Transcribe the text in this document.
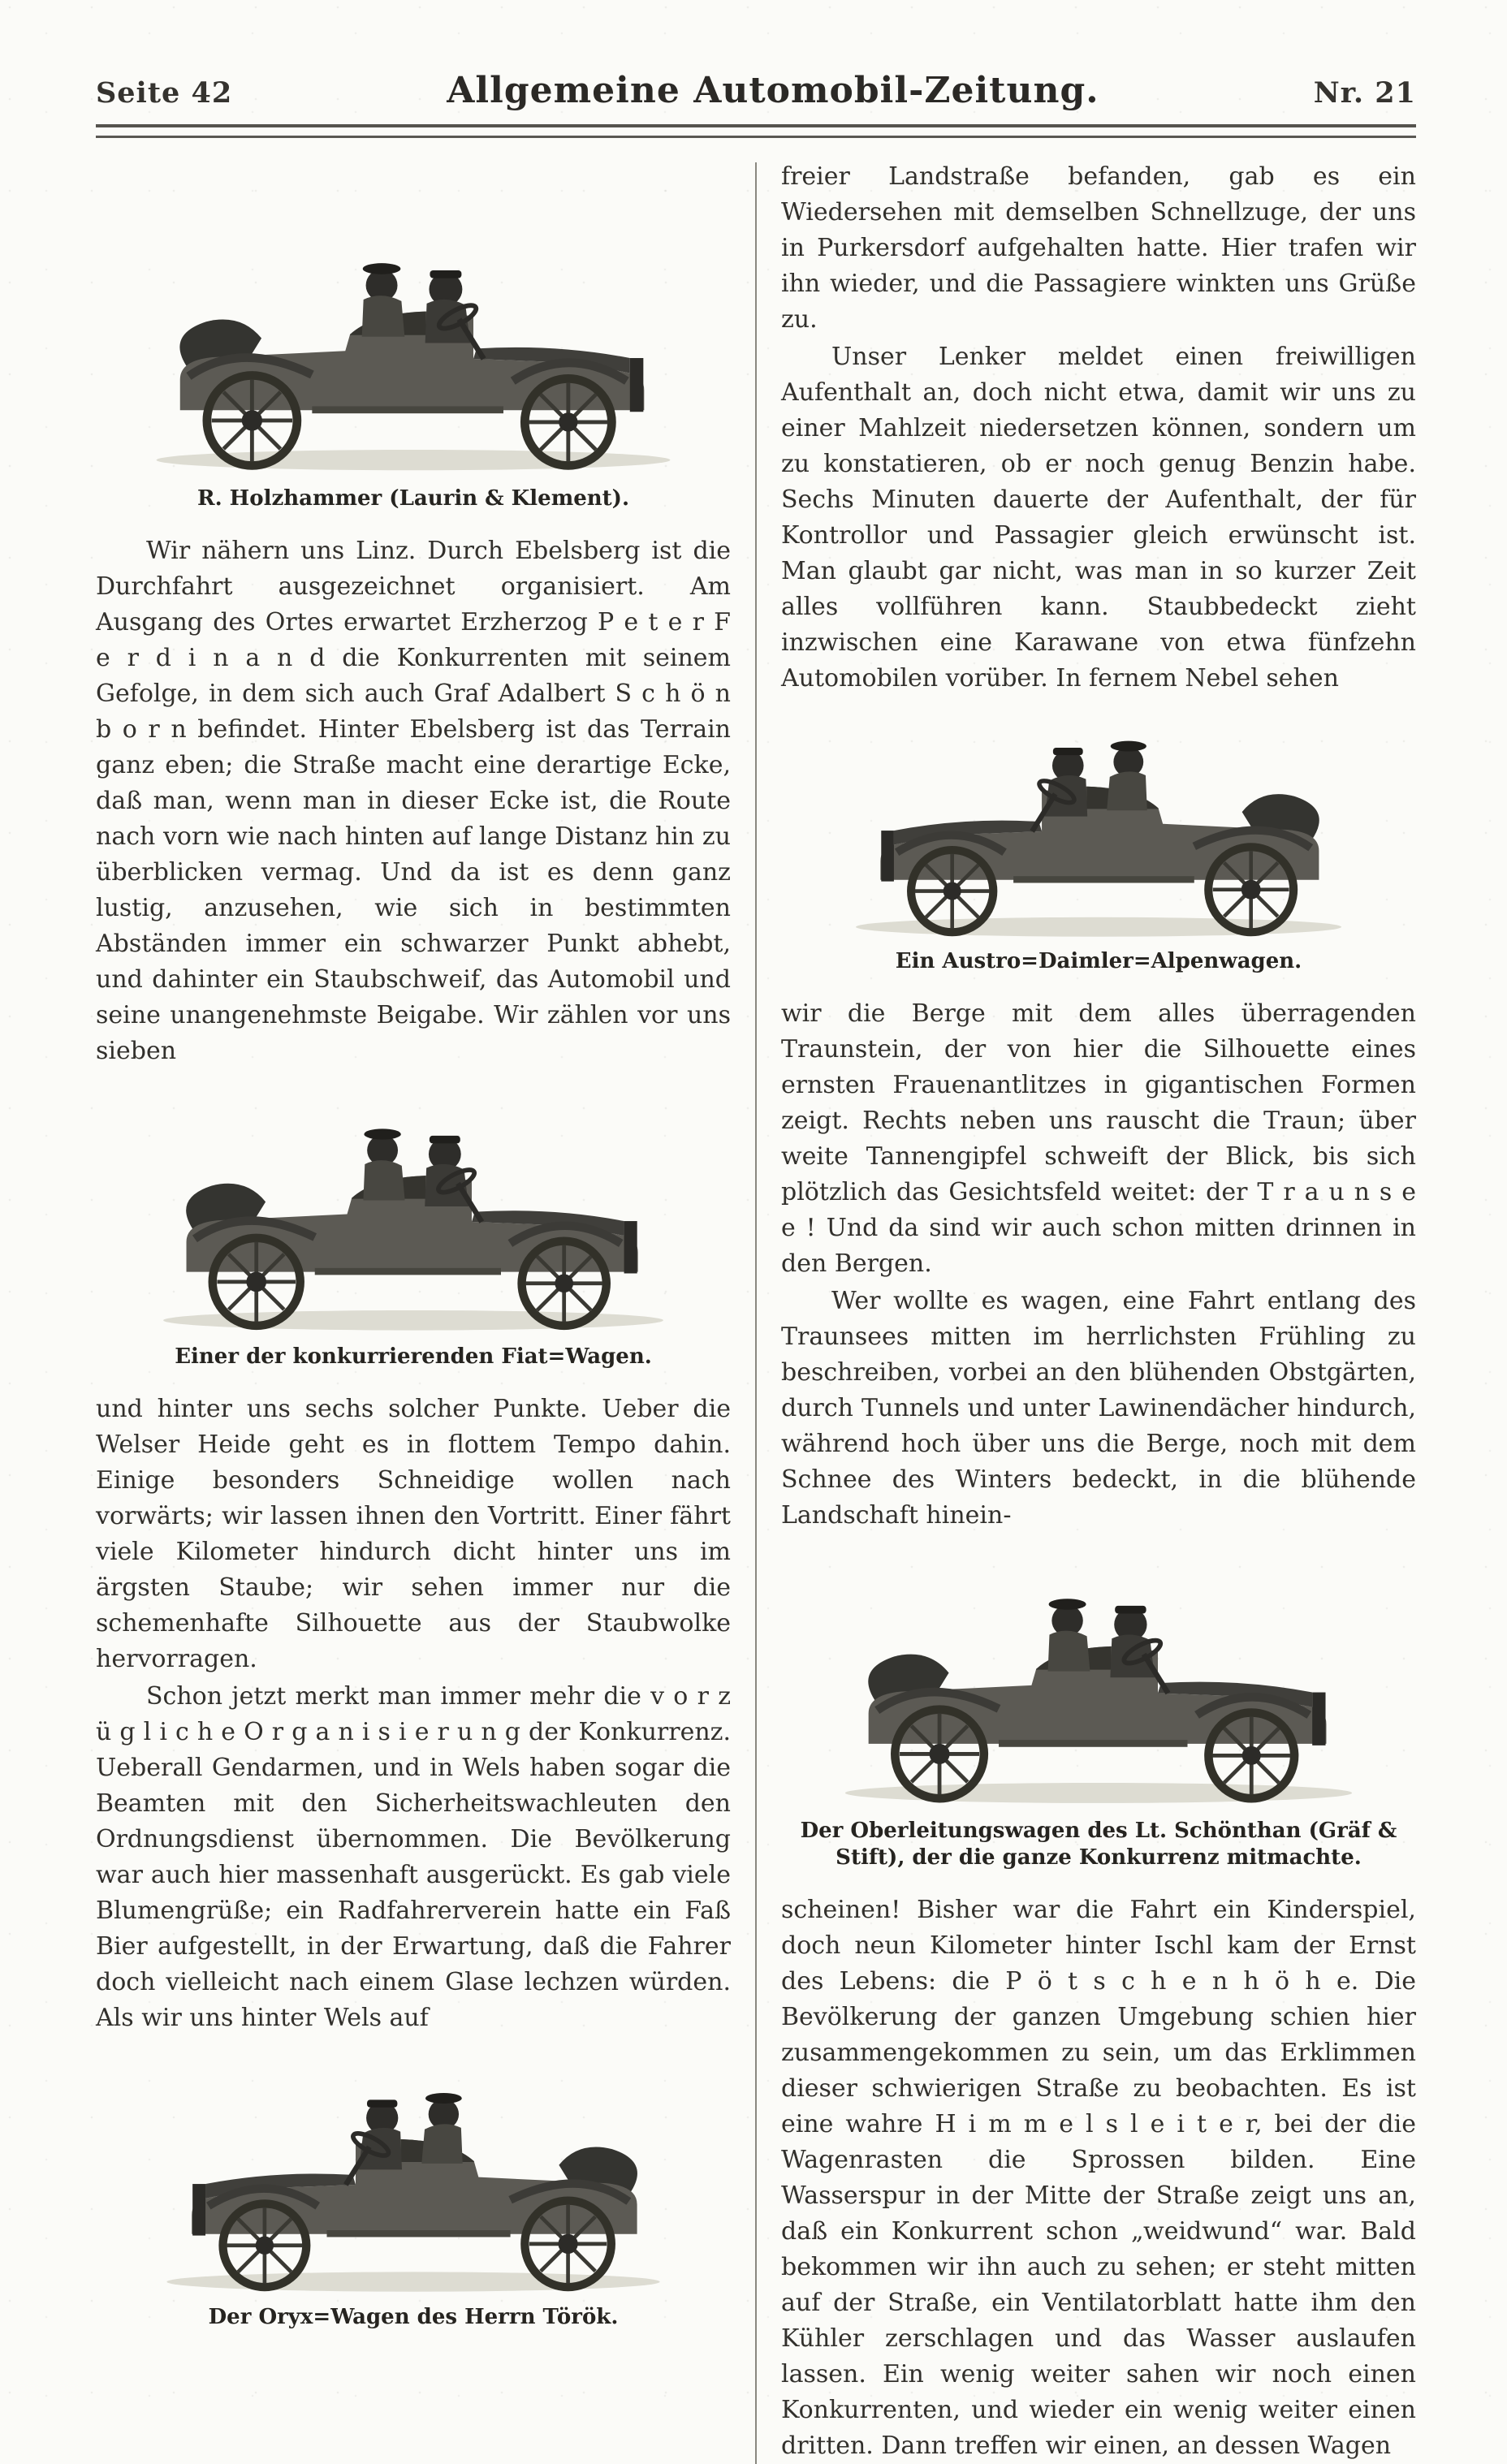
Seite 42	Allgemeine Automobil-Zeitung.	Nr. 21
R. Holzhammer (Laurin & Klement).

Wir nähern uns Linz. Durch Ebelsberg ist die Durchfahrt ausgezeichnet organisiert. Am Ausgang des Ortes erwartet Erzherzog P e t e r F e r d i n a n d die Konkurrenten mit seinem Gefolge, in dem sich auch Graf Adalbert S c h ö n b o r n befindet. Hinter Ebelsberg ist das Terrain ganz eben; die Straße macht eine derartige Ecke, daß man, wenn man in dieser Ecke ist, die Route nach vorn wie nach hinten auf lange Distanz hin zu überblicken vermag. Und da ist es denn ganz lustig, anzusehen, wie sich in bestimmten Abständen immer ein schwarzer Punkt abhebt, und dahinter ein Staubschweif, das Automobil und seine unangenehmste Beigabe. Wir zählen vor uns sieben

Einer der konkurrierenden Fiat=Wagen.

und hinter uns sechs solcher Punkte. Ueber die Welser Heide geht es in flottem Tempo dahin. Einige besonders Schneidige wollen nach vorwärts; wir lassen ihnen den Vortritt. Einer fährt viele Kilometer hindurch dicht hinter uns im ärgsten Staube; wir sehen immer nur die schemenhafte Silhouette aus der Staubwolke hervorragen.

Schon jetzt merkt man immer mehr die v o r z ü g l i c h e O r g a n i s i e r u n g der Konkurrenz. Ueberall Gendarmen, und in Wels haben sogar die Beamten mit den Sicherheitswachleuten den Ordnungsdienst übernommen. Die Bevölkerung war auch hier massenhaft ausgerückt. Es gab viele Blumengrüße; ein Radfahrerverein hatte ein Faß Bier aufgestellt, in der Erwartung, daß die Fahrer doch vielleicht nach einem Glase lechzen würden. Als wir uns hinter Wels auf

Der Oryx=Wagen des Herrn Török.

freier Landstraße befanden, gab es ein Wiedersehen mit demselben Schnellzuge, der uns in Purkersdorf aufgehalten hatte. Hier trafen wir ihn wieder, und die Passagiere winkten uns Grüße zu.

Unser Lenker meldet einen freiwilligen Aufenthalt an, doch nicht etwa, damit wir uns zu einer Mahlzeit niedersetzen können, sondern um zu konstatieren, ob er noch genug Benzin habe. Sechs Minuten dauerte der Aufenthalt, der für Kontrollor und Passagier gleich erwünscht ist. Man glaubt gar nicht, was man in so kurzer Zeit alles vollführen kann. Staubbedeckt zieht inzwischen eine Karawane von etwa fünfzehn Automobilen vorüber. In fernem Nebel sehen

Ein Austro=Daimler=Alpenwagen.

wir die Berge mit dem alles überragenden Traunstein, der von hier die Silhouette eines ernsten Frauenantlitzes in gigantischen Formen zeigt. Rechts neben uns rauscht die Traun; über weite Tannengipfel schweift der Blick, bis sich plötzlich das Gesichtsfeld weitet: der T r a u n s e e ! Und da sind wir auch schon mitten drinnen in den Bergen.

Wer wollte es wagen, eine Fahrt entlang des Traunsees mitten im herrlichsten Frühling zu beschreiben, vorbei an den blühenden Obstgärten, durch Tunnels und unter Lawinendächer hindurch, während hoch über uns die Berge, noch mit dem Schnee des Winters bedeckt, in die blühende Landschaft hinein-

Der Oberleitungswagen des Lt. Schönthan (Gräf & Stift), der die ganze Konkurrenz mitmachte.

scheinen! Bisher war die Fahrt ein Kinderspiel, doch neun Kilometer hinter Ischl kam der Ernst des Lebens: die P ö t s c h e n h ö h e. Die Bevölkerung der ganzen Umgebung schien hier zusammengekommen zu sein, um das Erklimmen dieser schwierigen Straße zu beobachten. Es ist eine wahre H i m m e l s l e i t e r, bei der die Wagenrasten die Sprossen bilden. Eine Wasserspur in der Mitte der Straße zeigt uns an, daß ein Konkurrent schon „weidwund“ war. Bald bekommen wir ihn auch zu sehen; er steht mitten auf der Straße, ein Ventilatorblatt hatte ihm den Kühler zerschlagen und das Wasser auslaufen lassen. Ein wenig weiter sahen wir noch einen Konkurrenten, und wieder ein wenig weiter einen dritten. Dann treffen wir einen, an dessen Wagen
